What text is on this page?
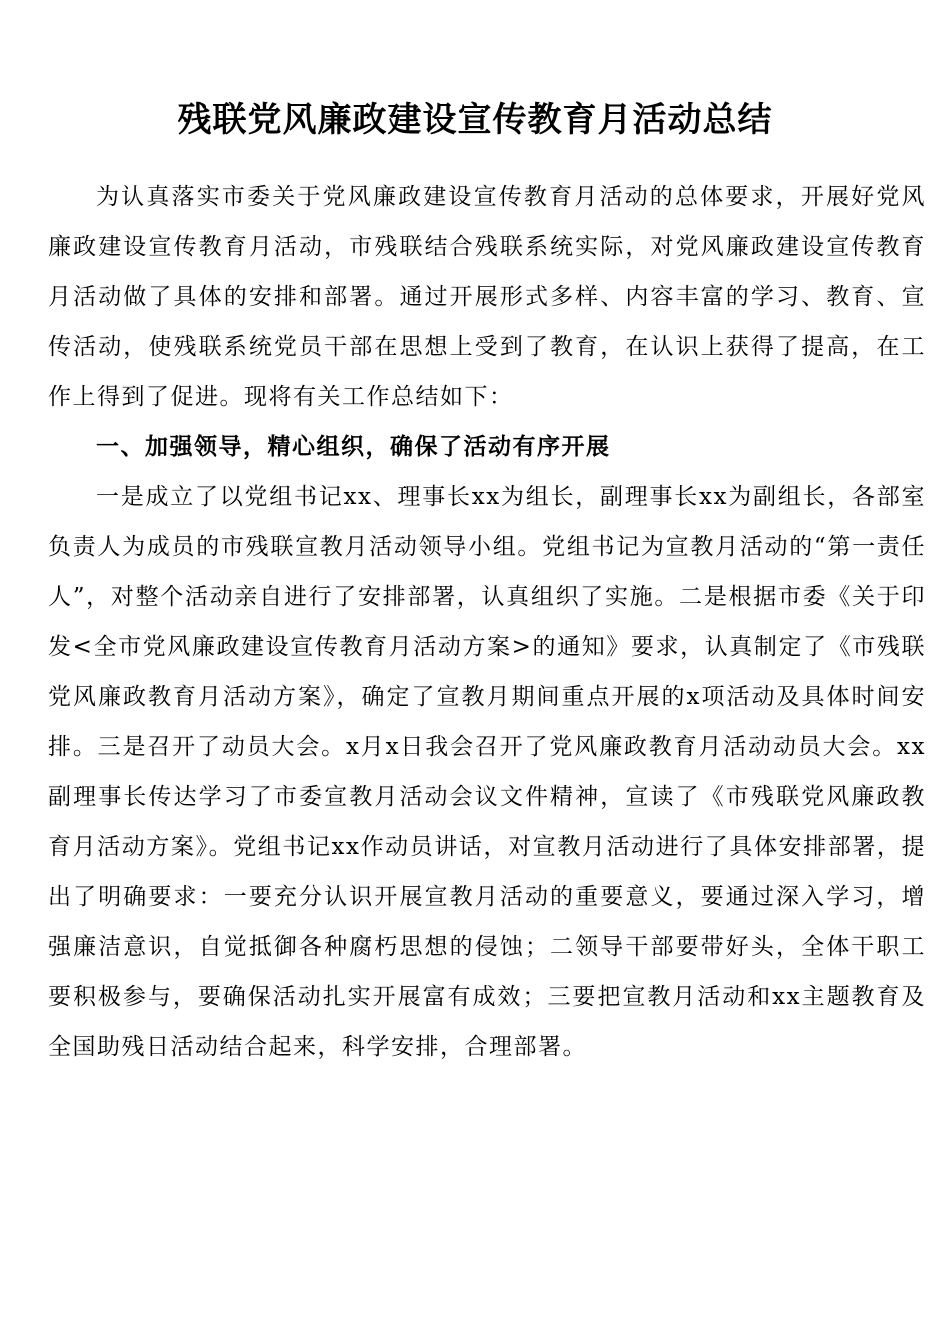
残联党风廉政建设宣传教育月活动总结

为认真落实市委关于党风廉政建设宣传教育月活动的总体要求，开展好党风廉政建设宣传教育月活动，市残联结合残联系统实际，对党风廉政建设宣传教育月活动做了具体的安排和部署。通过开展形式多样、内容丰富的学习、教育、宣传活动，使残联系统党员干部在思想上受到了教育，在认识上获得了提高，在工作上得到了促进。现将有关工作总结如下：

一、加强领导，精心组织，确保了活动有序开展

一是成立了以党组书记xx、理事长xx为组长，副理事长xx为副组长，各部室负责人为成员的市残联宣教月活动领导小组。党组书记为宣教月活动的“第一责任人”，对整个活动亲自进行了安排部署，认真组织了实施。二是根据市委《关于印发<全市党风廉政建设宣传教育月活动方案>的通知》要求，认真制定了《市残联党风廉政教育月活动方案》，确定了宣教月期间重点开展的x项活动及具体时间安排。三是召开了动员大会。x月x日我会召开了党风廉政教育月活动动员大会。xx副理事长传达学习了市委宣教月活动会议文件精神，宣读了《市残联党风廉政教育月活动方案》。党组书记xx作动员讲话，对宣教月活动进行了具体安排部署，提出了明确要求：一要充分认识开展宣教月活动的重要意义，要通过深入学习，增强廉洁意识，自觉抵御各种腐朽思想的侵蚀；二领导干部要带好头，全体干职工要积极参与，要确保活动扎实开展富有成效；三要把宣教月活动和xx主题教育及全国助残日活动结合起来，科学安排，合理部署。
